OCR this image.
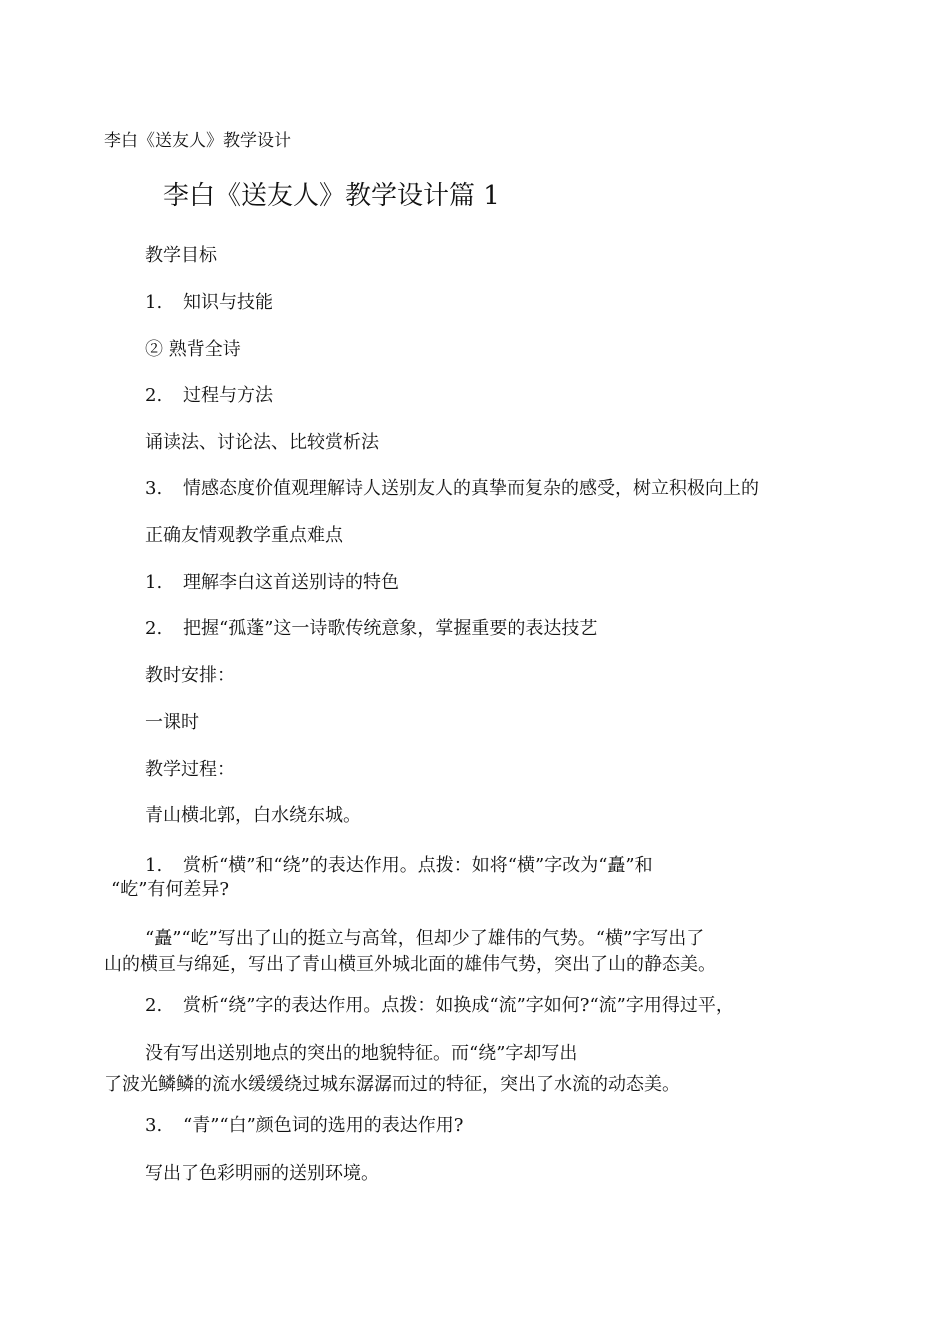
李白《送友人》教学设计
李白《送友人》教学设计篇 1
教学目标
1. 知识与技能
② 熟背全诗
2. 过程与方法
诵读法、讨论法、比较赏析法
3. 情感态度价值观理解诗人送别友人的真挚而复杂的感受，树立积极向上的
正确友情观教学重点难点
1. 理解李白这首送别诗的特色
2. 把握“孤蓬”这一诗歌传统意象，掌握重要的表达技艺
教时安排：
一课时
教学过程：
青山横北郭，白水绕东城。
1. 赏析“横”和“绕”的表达作用。点拨：如将“横”字改为“矗”和
“屹”有何差异?
“矗”“屹”写出了山的挺立与高耸，但却少了雄伟的气势。“横”字写出了
山的横亘与绵延，写出了青山横亘外城北面的雄伟气势，突出了山的静态美。
2. 赏析“绕”字的表达作用。点拨：如换成“流”字如何?“流”字用得过平，
没有写出送别地点的突出的地貌特征。而“绕”字却写出
了波光鳞鳞的流水缓缓绕过城东潺潺而过的特征，突出了水流的动态美。
3. “青”“白”颜色词的选用的表达作用?
写出了色彩明丽的送别环境。
